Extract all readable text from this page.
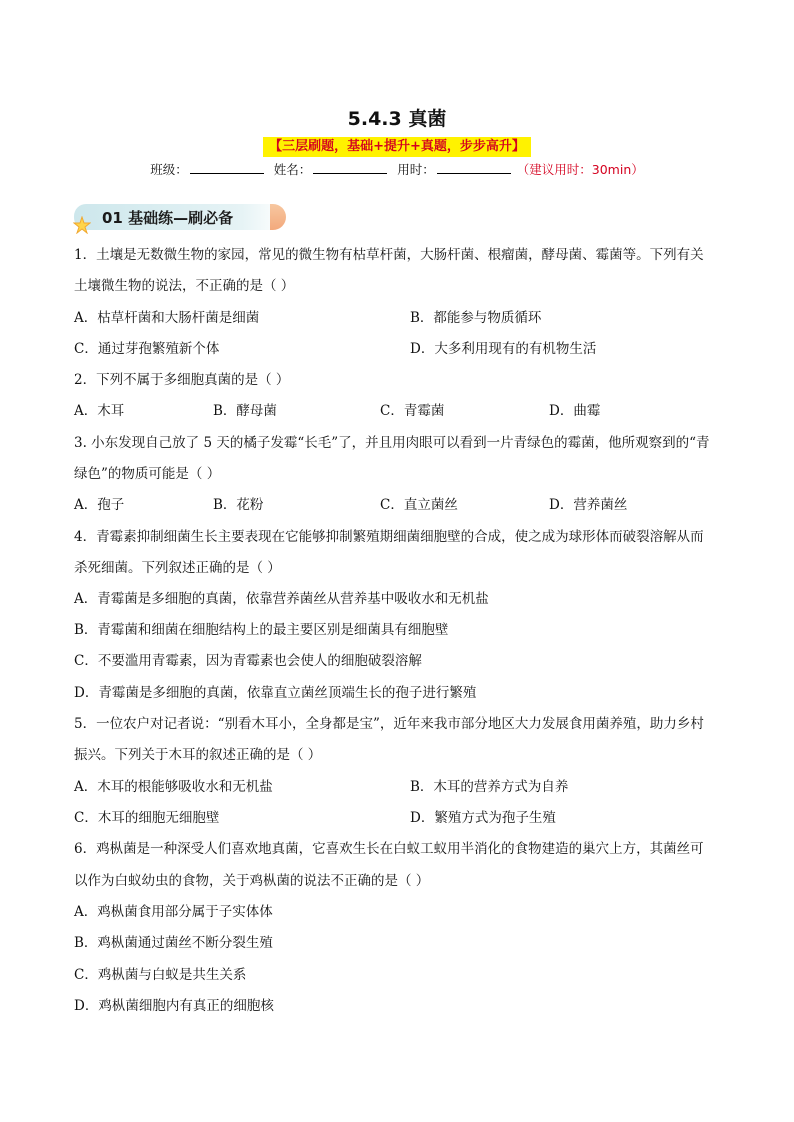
5.4.3 真菌
【三层刷题，基础+提升+真题，步步高升】
班级：	姓名：	用时：	（建议用时：30min）
01 基础练—刷必备
1．土壤是无数微生物的家园，常见的微生物有枯草杆菌，大肠杆菌、根瘤菌，酵母菌、霉菌等。下列有关
土壤微生物的说法，不正确的是（ ）
A．枯草杆菌和大肠杆菌是细菌	B．都能参与物质循环
C．通过芽孢繁殖新个体	D．大多利用现有的有机物生活
2．下列不属于多细胞真菌的是（ ）
A．木耳	B．酵母菌	C．青霉菌	D．曲霉
3. 小东发现自己放了 5 天的橘子发霉“长毛”了，并且用肉眼可以看到一片青绿色的霉菌，他所观察到的“青
绿色”的物质可能是（ ）
A．孢子	B．花粉	C．直立菌丝	D．营养菌丝
4．青霉素抑制细菌生长主要表现在它能够抑制繁殖期细菌细胞壁的合成，使之成为球形体而破裂溶解从而
杀死细菌。下列叙述正确的是（ ）
A．青霉菌是多细胞的真菌，依靠营养菌丝从营养基中吸收水和无机盐
B．青霉菌和细菌在细胞结构上的最主要区别是细菌具有细胞壁
C．不要滥用青霉素，因为青霉素也会使人的细胞破裂溶解
D．青霉菌是多细胞的真菌，依靠直立菌丝顶端生长的孢子进行繁殖
5．一位农户对记者说：“别看木耳小，全身都是宝”，近年来我市部分地区大力发展食用菌养殖，助力乡村
振兴。下列关于木耳的叙述正确的是（ ）
A．木耳的根能够吸收水和无机盐	B．木耳的营养方式为自养
C．木耳的细胞无细胞壁	D．繁殖方式为孢子生殖
6．鸡枞菌是一种深受人们喜欢地真菌，它喜欢生长在白蚁工蚁用半消化的食物建造的巢穴上方，其菌丝可
以作为白蚁幼虫的食物，关于鸡枞菌的说法不正确的是（ ）
A．鸡枞菌食用部分属于子实体体
B．鸡枞菌通过菌丝不断分裂生殖
C．鸡枞菌与白蚁是共生关系
D．鸡枞菌细胞内有真正的细胞核
